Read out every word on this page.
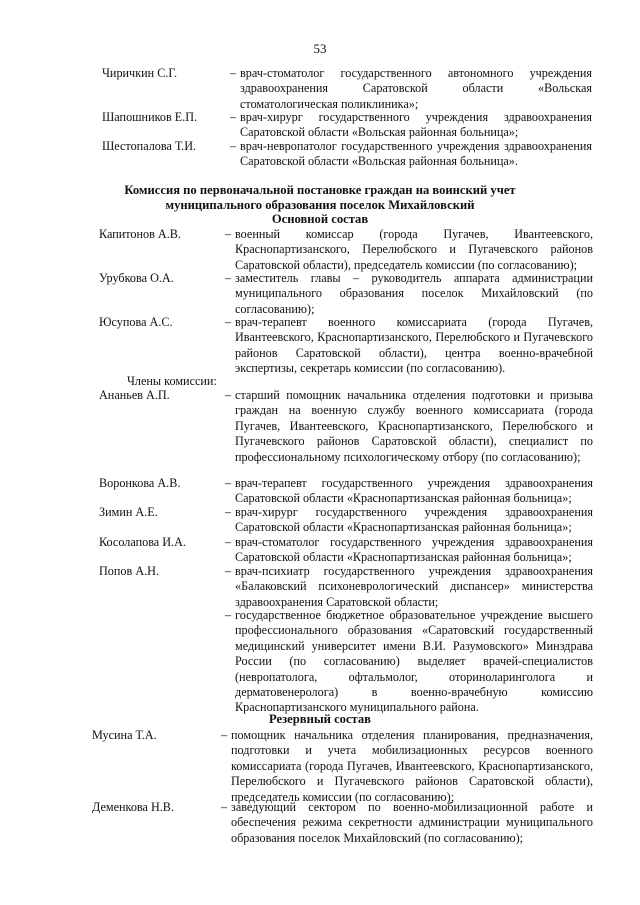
53
Чиричкин С.Г.	– врач-стоматолог государственного автономного учреждения здравоохранения Саратовской области «Вольская стоматологическая поликлиника»;
Шапошников Е.П.	– врач-хирург государственного учреждения здравоохранения Саратовской области «Вольская районная больница»;
Шестопалова Т.И.	– врач-невропатолог государственного учреждения здравоохранения Саратовской области «Вольская районная больница».
Комиссия по первоначальной постановке граждан на воинский учет
муниципального образования поселок Михайловский
Основной состав
Капитонов А.В.	– военный комиссар (города Пугачев, Ивантеевского, Краснопартизанского, Перелюбского и Пугачевского районов Саратовской области), председатель комиссии (по согласованию);
Урубкова О.А.	– заместитель главы – руководитель аппарата администрации муниципального образования поселок Михайловский (по согласованию);
Юсупова А.С.	– врач-терапевт военного комиссариата (города Пугачев, Ивантеевского, Краснопартизанского, Перелюбского и Пугачевского районов Саратовской области), центра военно-врачебной экспертизы, секретарь комиссии (по согласованию).
Члены комиссии:
Ананьев А.П.	– старший помощник начальника отделения подготовки и призыва граждан на военную службу военного комиссариата (города Пугачев, Ивантеевского, Краснопартизанского, Перелюбского и Пугачевского районов Саратовской области), специалист по профессиональному психологическому отбору (по согласованию);
Воронкова А.В.	– врач-терапевт государственного учреждения здравоохранения Саратовской области «Краснопартизанская районная больница»;
Зимин А.Е.	– врач-хирург государственного учреждения здравоохранения Саратовской области «Краснопартизанская районная больница»;
Косолапова И.А.	– врач-стоматолог государственного учреждения здравоохранения Саратовской области «Краснопартизанская районная больница»;
Попов А.Н.	– врач-психиатр государственного учреждения здравоохранения «Балаковский психоневрологический диспансер» министерства здравоохранения Саратовской области;
– государственное бюджетное образовательное учреждение высшего профессионального образования «Саратовский государственный медицинский университет имени В.И. Разумовского» Минздрава России (по согласованию) выделяет врачей-специалистов (невропатолога, офтальмолог, оториноларинголога и дерматовенеролога) в военно-врачебную комиссию Краснопартизанского муниципального района.
Резервный состав
Мусина Т.А.	– помощник начальника отделения планирования, предназначения, подготовки и учета мобилизационных ресурсов военного комиссариата (города Пугачев, Ивантеевского, Краснопартизанского, Перелюбского и Пугачевского районов Саратовской области), председатель комиссии (по согласованию);
Деменкова Н.В.	– заведующий сектором по военно-мобилизационной работе и обеспечения режима секретности администрации муниципального образования поселок Михайловский (по согласованию);
